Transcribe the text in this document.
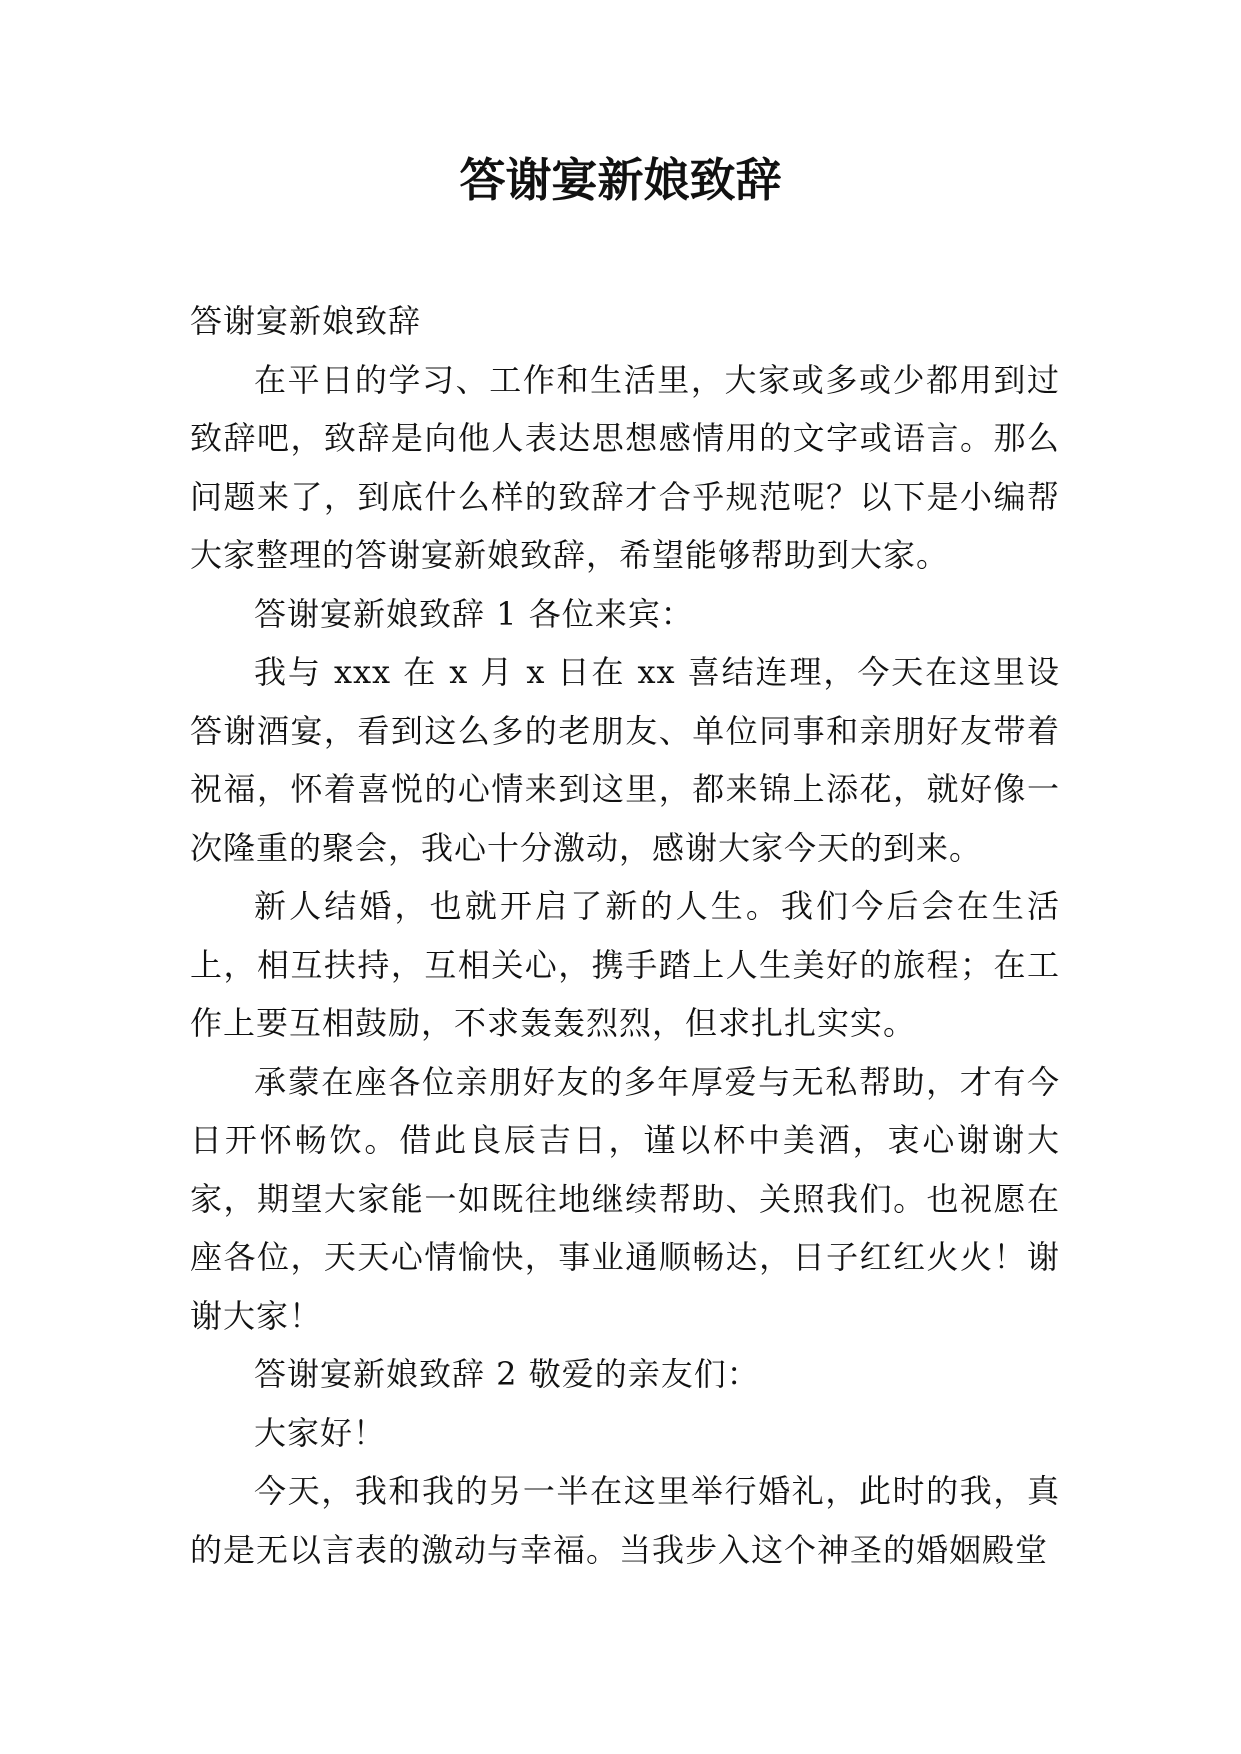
答谢宴新娘致辞

答谢宴新娘致辞

在平日的学习、工作和生活里，大家或多或少都用到过致辞吧，致辞是向他人表达思想感情用的文字或语言。那么问题来了，到底什么样的致辞才合乎规范呢？以下是小编帮大家整理的答谢宴新娘致辞，希望能够帮助到大家。

答谢宴新娘致辞 1 各位来宾：

我与 xxx 在 x 月 x 日在 xx 喜结连理，今天在这里设答谢酒宴，看到这么多的老朋友、单位同事和亲朋好友带着祝福，怀着喜悦的心情来到这里，都来锦上添花，就好像一次隆重的聚会，我心十分激动，感谢大家今天的到来。

新人结婚，也就开启了新的人生。我们今后会在生活上，相互扶持，互相关心，携手踏上人生美好的旅程；在工作上要互相鼓励，不求轰轰烈烈，但求扎扎实实。

承蒙在座各位亲朋好友的多年厚爱与无私帮助，才有今日开怀畅饮。借此良辰吉日，谨以杯中美酒，衷心谢谢大家，期望大家能一如既往地继续帮助、关照我们。也祝愿在座各位，天天心情愉快，事业通顺畅达，日子红红火火！谢谢大家！

答谢宴新娘致辞 2 敬爱的亲友们：

大家好！

今天，我和我的另一半在这里举行婚礼，此时的我，真的是无以言表的激动与幸福。当我步入这个神圣的婚姻殿堂
